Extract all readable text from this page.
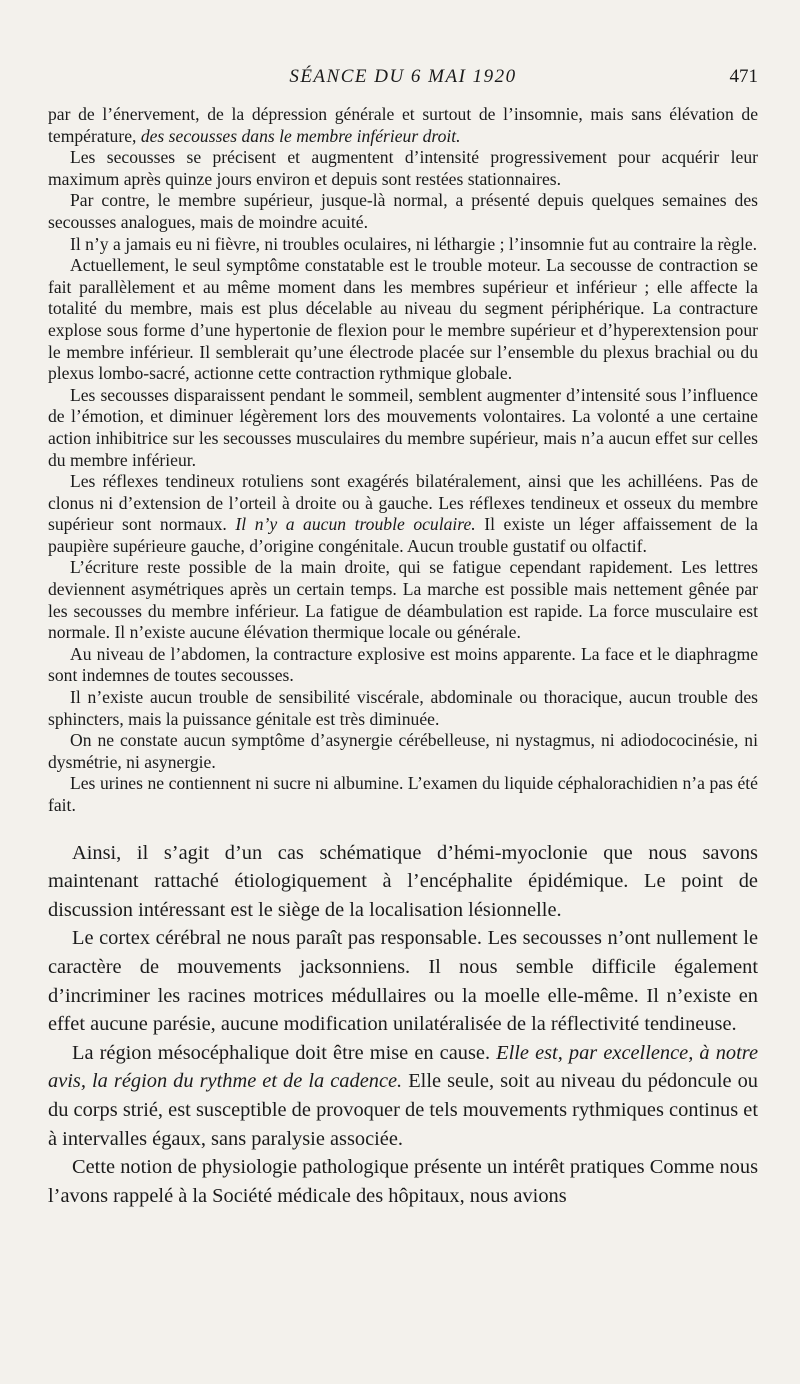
SÉANCE DU 6 MAI 1920	471

par de l’énervement, de la dépression générale et surtout de l’insomnie, mais sans élévation de température, des secousses dans le membre inférieur droit.

Les secousses se précisent et augmentent d’intensité progressivement pour acquérir leur maximum après quinze jours environ et depuis sont restées stationnaires.

Par contre, le membre supérieur, jusque-là normal, a présenté depuis quelques semaines des secousses analogues, mais de moindre acuité.

Il n’y a jamais eu ni fièvre, ni troubles oculaires, ni léthargie ; l’insomnie fut au contraire la règle.

Actuellement, le seul symptôme constatable est le trouble moteur. La secousse de contraction se fait parallèlement et au même moment dans les membres supérieur et inférieur ; elle affecte la totalité du membre, mais est plus décelable au niveau du segment périphérique. La contracture explose sous forme d’une hypertonie de flexion pour le membre supérieur et d’hyperextension pour le membre inférieur. Il semblerait qu’une électrode placée sur l’ensemble du plexus brachial ou du plexus lombo-sacré, actionne cette contraction rythmique globale.

Les secousses disparaissent pendant le sommeil, semblent augmenter d’intensité sous l’influence de l’émotion, et diminuer légèrement lors des mouvements volontaires. La volonté a une certaine action inhibitrice sur les secousses musculaires du membre supérieur, mais n’a aucun effet sur celles du membre inférieur.

Les réflexes tendineux rotuliens sont exagérés bilatéralement, ainsi que les achilléens. Pas de clonus ni d’extension de l’orteil à droite ou à gauche. Les réflexes tendineux et osseux du membre supérieur sont normaux. Il n’y a aucun trouble oculaire. Il existe un léger affaissement de la paupière supérieure gauche, d’origine congénitale. Aucun trouble gustatif ou olfactif.

L’écriture reste possible de la main droite, qui se fatigue cependant rapidement. Les lettres deviennent asymétriques après un certain temps. La marche est possible mais nettement gênée par les secousses du membre inférieur. La fatigue de déambulation est rapide. La force musculaire est normale. Il n’existe aucune élévation thermique locale ou générale.

Au niveau de l’abdomen, la contracture explosive est moins apparente. La face et le diaphragme sont indemnes de toutes secousses.

Il n’existe aucun trouble de sensibilité viscérale, abdominale ou thoracique, aucun trouble des sphincters, mais la puissance génitale est très diminuée.

On ne constate aucun symptôme d’asynergie cérébelleuse, ni nystagmus, ni adiodococinésie, ni dysmétrie, ni asynergie.

Les urines ne contiennent ni sucre ni albumine. L’examen du liquide céphalorachidien n’a pas été fait.

Ainsi, il s’agit d’un cas schématique d’hémi-myoclonie que nous savons maintenant rattaché étiologiquement à l’encéphalite épidémique. Le point de discussion intéressant est le siège de la localisation lésionnelle.

Le cortex cérébral ne nous paraît pas responsable. Les secousses n’ont nullement le caractère de mouvements jacksonniens. Il nous semble difficile également d’incriminer les racines motrices médullaires ou la moelle elle-même. Il n’existe en effet aucune parésie, aucune modification unilatéralisée de la réflectivité tendineuse.

La région mésocéphalique doit être mise en cause. Elle est, par excellence, à notre avis, la région du rythme et de la cadence. Elle seule, soit au niveau du pédoncule ou du corps strié, est susceptible de provoquer de tels mouvements rythmiques continus et à intervalles égaux, sans paralysie associée.

Cette notion de physiologie pathologique présente un intérêt pratiques Comme nous l’avons rappelé à la Société médicale des hôpitaux, nous avions
